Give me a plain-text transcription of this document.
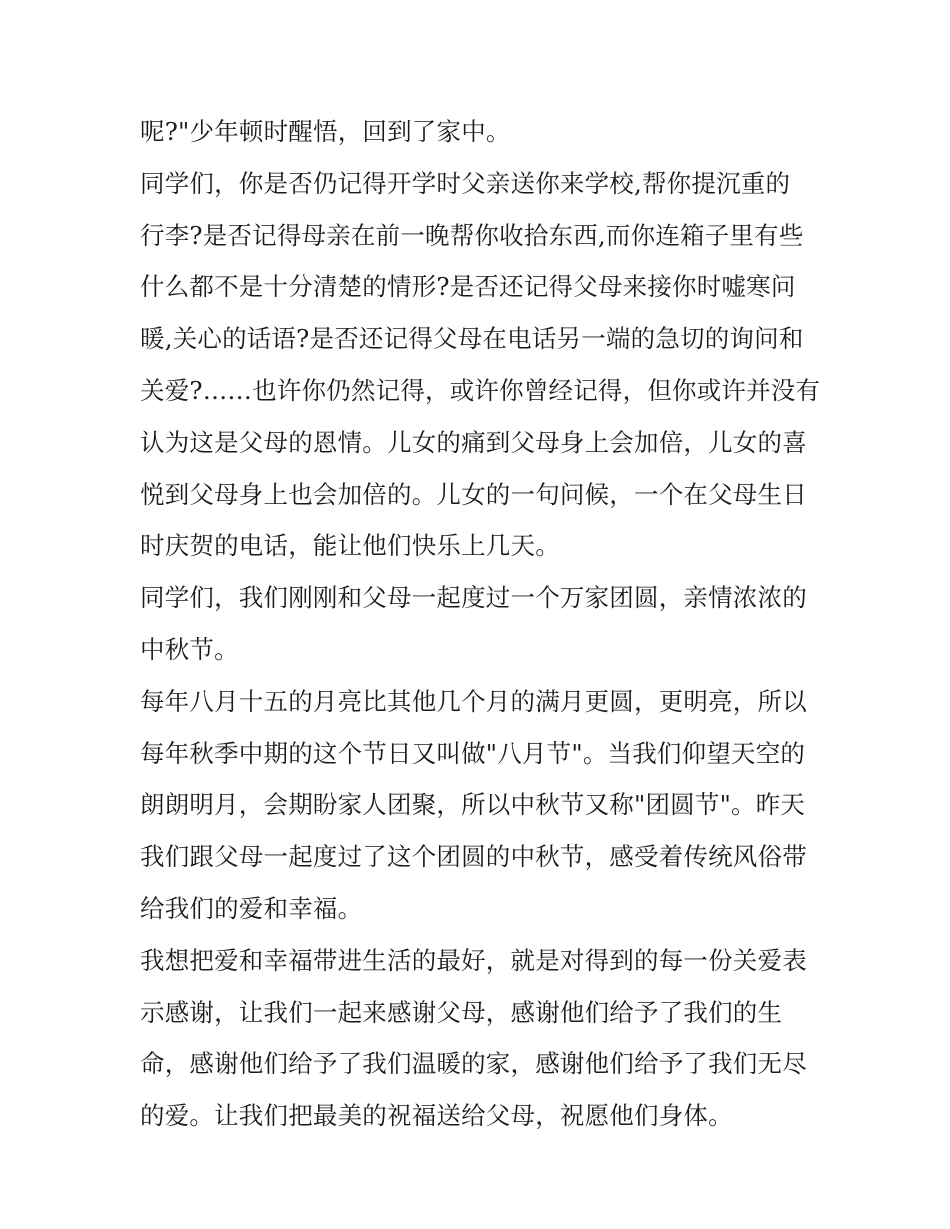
呢?"少年顿时醒悟，回到了家中。
同学们，你是否仍记得开学时父亲送你来学校,帮你提沉重的
行李?是否记得母亲在前一晚帮你收拾东西,而你连箱子里有些
什么都不是十分清楚的情形?是否还记得父母来接你时嘘寒问
暖,关心的话语?是否还记得父母在电话另一端的急切的询问和
关爱?……也许你仍然记得，或许你曾经记得，但你或许并没有
认为这是父母的恩情。儿女的痛到父母身上会加倍，儿女的喜
悦到父母身上也会加倍的。儿女的一句问候，一个在父母生日
时庆贺的电话，能让他们快乐上几天。
同学们，我们刚刚和父母一起度过一个万家团圆，亲情浓浓的
中秋节。
每年八月十五的月亮比其他几个月的满月更圆，更明亮，所以
每年秋季中期的这个节日又叫做"八月节"。当我们仰望天空的
朗朗明月，会期盼家人团聚，所以中秋节又称"团圆节"。昨天
我们跟父母一起度过了这个团圆的中秋节，感受着传统风俗带
给我们的爱和幸福。
我想把爱和幸福带进生活的最好，就是对得到的每一份关爱表
示感谢，让我们一起来感谢父母，感谢他们给予了我们的生
命，感谢他们给予了我们温暖的家，感谢他们给予了我们无尽
的爱。让我们把最美的祝福送给父母，祝愿他们身体。
